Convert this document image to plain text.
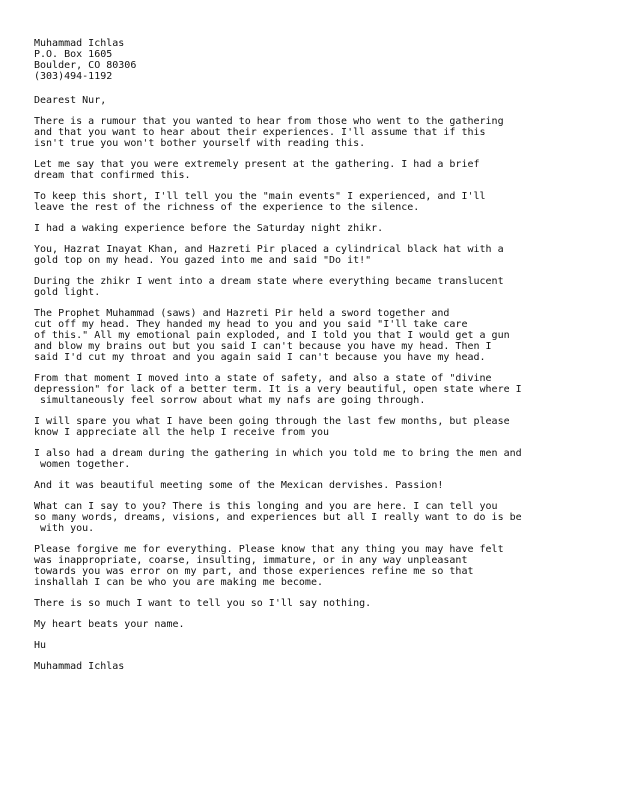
Muhammad Ichlas
P.O. Box 1605
Boulder, CO 80306
(303)494-1192
Dearest Nur,
There is a rumour that you wanted to hear from those who went to the gathering
and that you want to hear about their experiences. I'll assume that if this
isn't true you won't bother yourself with reading this.
Let me say that you were extremely present at the gathering. I had a brief
dream that confirmed this.
To keep this short, I'll tell you the "main events" I experienced, and I'll
leave the rest of the richness of the experience to the silence.
I had a waking experience before the Saturday night zhikr.
You, Hazrat Inayat Khan, and Hazreti Pir placed a cylindrical black hat with a
gold top on my head. You gazed into me and said "Do it!"
During the zhikr I went into a dream state where everything became translucent
gold light.
The Prophet Muhammad (saws) and Hazreti Pir held a sword together and
cut off my head. They handed my head to you and you said "I'll take care
of this." All my emotional pain exploded, and I told you that I would get a gun
and blow my brains out but you said I can't because you have my head. Then I
said I'd cut my throat and you again said I can't because you have my head.
From that moment I moved into a state of safety, and also a state of "divine
depression" for lack of a better term. It is a very beautiful, open state where I
simultaneously feel sorrow about what my nafs are going through.
I will spare you what I have been going through the last few months, but please
know I appreciate all the help I receive from you
I also had a dream during the gathering in which you told me to bring the men and
women together.
And it was beautiful meeting some of the Mexican dervishes. Passion!
What can I say to you? There is this longing and you are here. I can tell you
so many words, dreams, visions, and experiences but all I really want to do is be
with you.
Please forgive me for everything. Please know that any thing you may have felt
was inappropriate, coarse, insulting, immature, or in any way unpleasant
towards you was error on my part, and those experiences refine me so that
inshallah I can be who you are making me become.
There is so much I want to tell you so I'll say nothing.
My heart beats your name.
Hu
Muhammad Ichlas
